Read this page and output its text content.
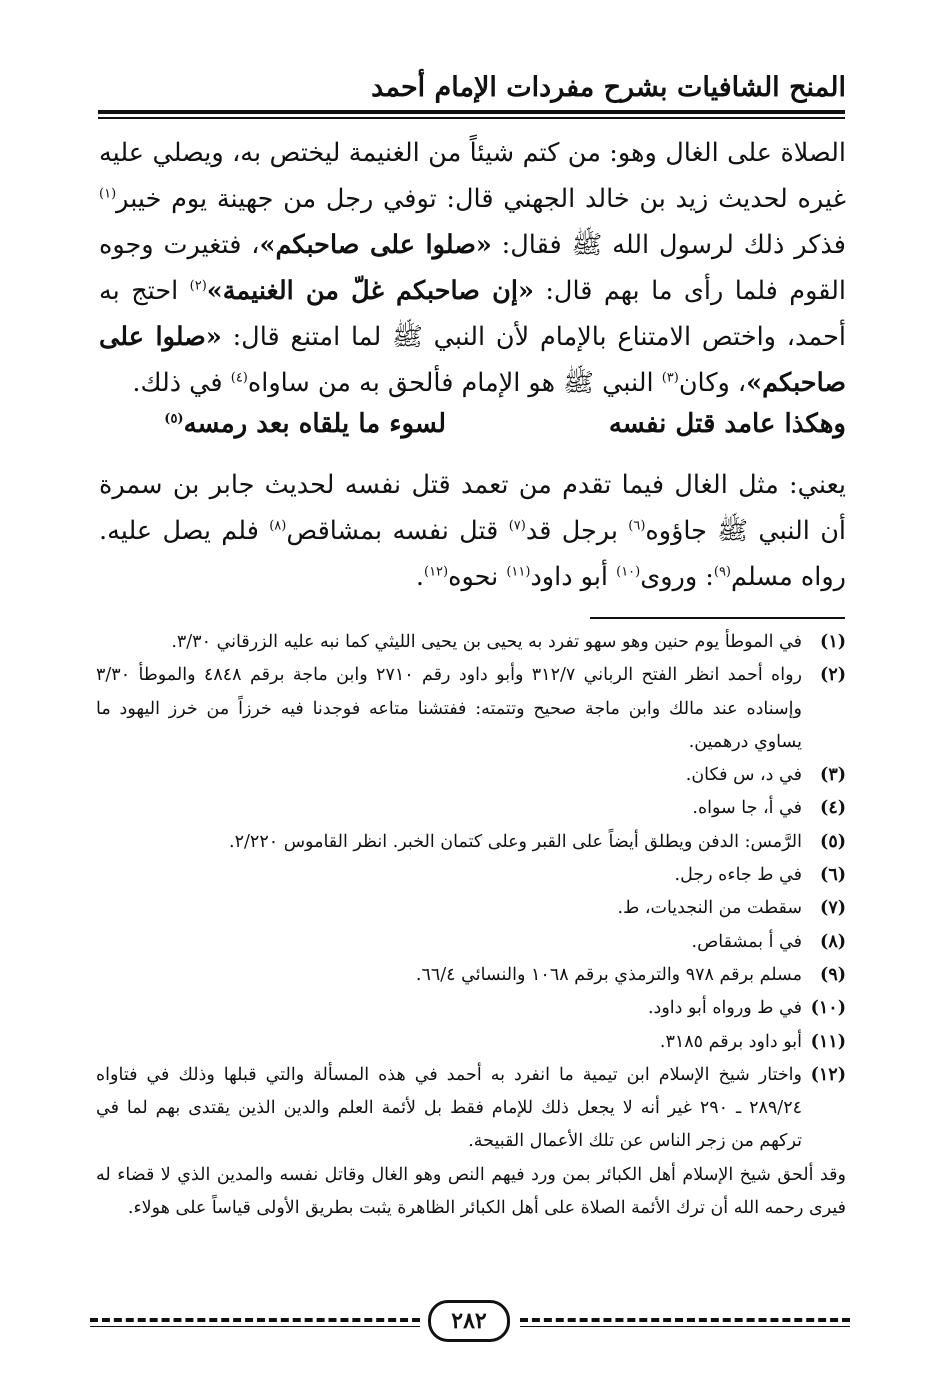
المنح الشافيات بشرح مفردات الإمام أحمد

الصلاة على الغال وهو: من كتم شيئاً من الغنيمة ليختص به، ويصلي عليه غيره لحديث زيد بن خالد الجهني قال: توفي رجل من جهينة يوم خيبر$^{(١)}$ فذكر ذلك لرسول الله ﷺ فقال: «صلوا على صاحبكم»، فتغيرت وجوه القوم فلما رأى ما بهم قال: «إن صاحبكم غلّ من الغنيمة»$^{(٢)}$ احتج به أحمد، واختص الامتناع بالإمام لأن النبي ﷺ لما امتنع قال: «صلوا على صاحبكم»، وكان$^{(٣)}$ النبي ﷺ هو الإمام فألحق به من ساواه$^{(٤)}$ في ذلك.

وهكذا عامد قتل نفسه
لسوء ما يلقاه بعد رمسه$^{(٥)}$

يعني: مثل الغال فيما تقدم من تعمد قتل نفسه لحديث جابر بن سمرة أن النبي ﷺ جاؤوه$^{(٦)}$ برجل قد$^{(٧)}$ قتل نفسه بمشاقص$^{(٨)}$ فلم يصل عليه. رواه مسلم$^{(٩)}$: وروى$^{(١٠)}$ أبو داود$^{(١١)}$ نحوه$^{(١٢)}$.

(١)
في الموطأ يوم حنين وهو سهو تفرد به يحيى بن يحيى الليثي كما نبه عليه الزرقاني ٣/٣٠.
(٢)
رواه أحمد انظر الفتح الرباني ٣١٢/٧ وأبو داود رقم ٢٧١٠ وابن ماجة برقم ٤٨٤٨ والموطأ ٣/٣٠ وإسناده عند مالك وابن ماجة صحيح وتتمته: ففتشنا متاعه فوجدنا فيه خرزاً من خرز اليهود ما يساوي درهمين.
(٣)
في د، س فكان.
(٤)
في أ، جا سواه.
(٥)
الرَّمس: الدفن ويطلق أيضاً على القبر وعلى كتمان الخبر. انظر القاموس ٢/٢٢٠.
(٦)
في ط جاءه رجل.
(٧)
سقطت من النجديات، ط.
(٨)
في أ بمشقاص.
(٩)
مسلم برقم ٩٧٨ والترمذي برقم ١٠٦٨ والنسائي ٦٦/٤.
(١٠)
في ط ورواه أبو داود.
(١١)
أبو داود برقم ٣١٨٥.
(١٢)
واختار شيخ الإسلام ابن تيمية ما انفرد به أحمد في هذه المسألة والتي قبلها وذلك في فتاواه ٢٨٩/٢٤ ـ ٢٩٠ غير أنه لا يجعل ذلك للإمام فقط بل لأئمة العلم والدين الذين يقتدى بهم لما في تركهم من زجر الناس عن تلك الأعمال القبيحة.
وقد ألحق شيخ الإسلام أهل الكبائر بمن ورد فيهم النص وهو الغال وقاتل نفسه والمدين الذي لا قضاء له فيرى رحمه الله أن ترك الأئمة الصلاة على أهل الكبائر الظاهرة يثبت بطريق الأولى قياساً على هولاء.
٢٨٢
